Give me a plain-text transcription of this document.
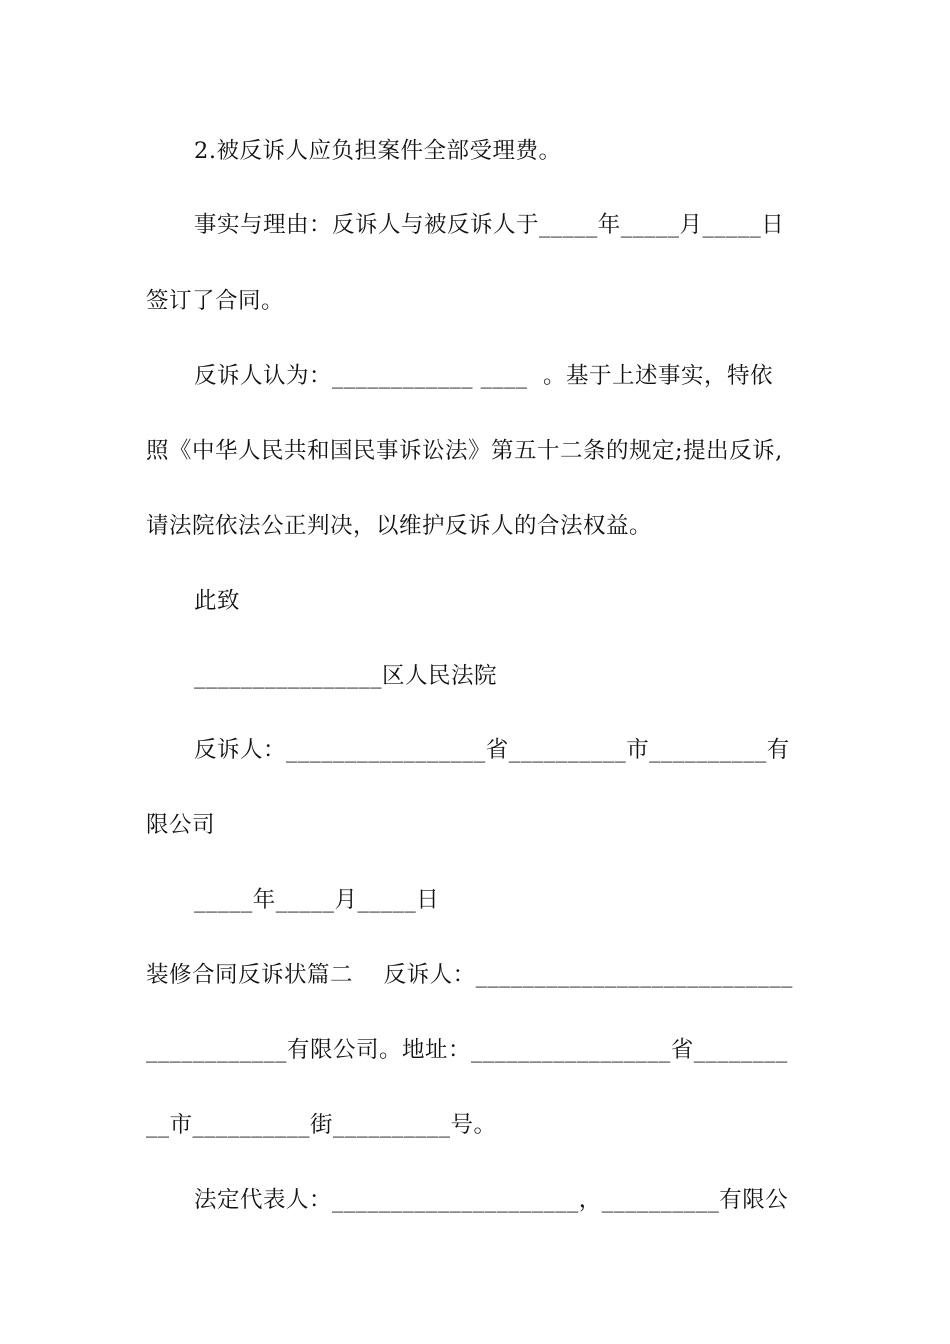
2.被反诉人应负担案件全部受理费。
事实与理由：反诉人与被反诉人于_____年_____月_____日
签订了合同。
反诉人认为：____________ ____  。基于上述事实，特依
照《中华人民共和国民事诉讼法》第五十二条的规定;提出反诉,
请法院依法公正判决，以维护反诉人的合法权益。
此致
________________区人民法院
反诉人：_________________省__________市__________有
限公司
_____年_____月_____日
装修合同反诉状篇二    反诉人：___________________________
____________有限公司。地址：_________________省________
__市__________街__________号。
法定代表人：_____________________，__________有限公
